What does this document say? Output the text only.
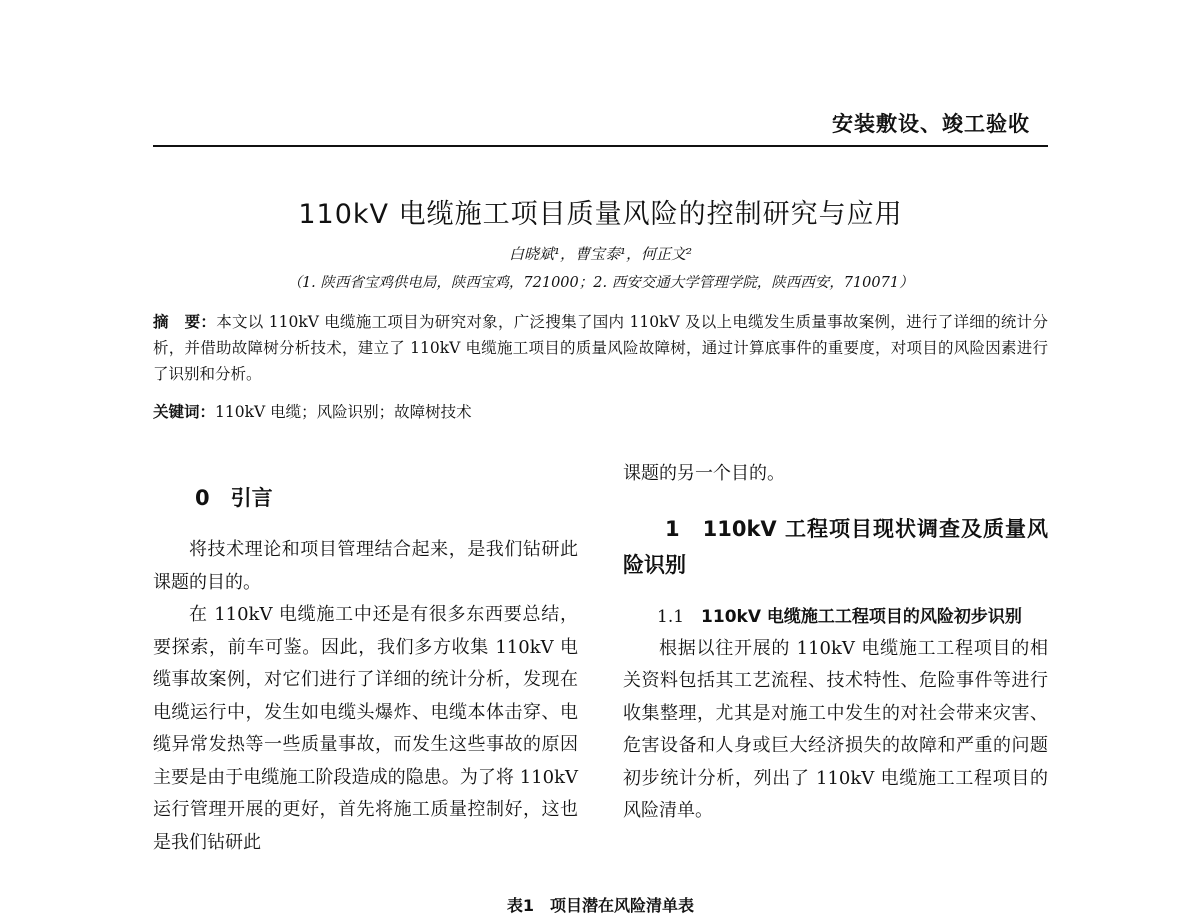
安装敷设、竣工验收
110kV 电缆施工项目质量风险的控制研究与应用
白晓斌¹，曹宝泰¹，何正文²
（1. 陕西省宝鸡供电局，陕西宝鸡，721000；2. 西安交通大学管理学院，陕西西安，710071）
摘　要：本文以 110kV 电缆施工项目为研究对象，广泛搜集了国内 110kV 及以上电缆发生质量事故案例，进行了详细的统计分析，并借助故障树分析技术，建立了 110kV 电缆施工项目的质量风险故障树，通过计算底事件的重要度，对项目的风险因素进行了识别和分析。
关键词：110kV 电缆；风险识别；故障树技术

0　引言

将技术理论和项目管理结合起来，是我们钻研此课题的目的。

在 110kV 电缆施工中还是有很多东西要总结，要探索，前车可鉴。因此，我们多方收集 110kV 电缆事故案例，对它们进行了详细的统计分析，发现在电缆运行中，发生如电缆头爆炸、电缆本体击穿、电缆异常发热等一些质量事故，而发生这些事故的原因主要是由于电缆施工阶段造成的隐患。为了将 110kV 运行管理开展的更好，首先将施工质量控制好，这也是我们钻研此

课题的另一个目的。

1　110kV 工程项目现状调查及质量风险识别

1.1　 110kV 电缆施工工程项目的风险初步识别

根据以往开展的 110kV 电缆施工工程项目的相关资料包括其工艺流程、技术特性、危险事件等进行收集整理，尤其是对施工中发生的对社会带来灾害、危害设备和人身或巨大经济损失的故障和严重的问题初步统计分析，列出了 110kV 电缆施工工程项目的风险清单。

表1　项目潜在风险清单表
